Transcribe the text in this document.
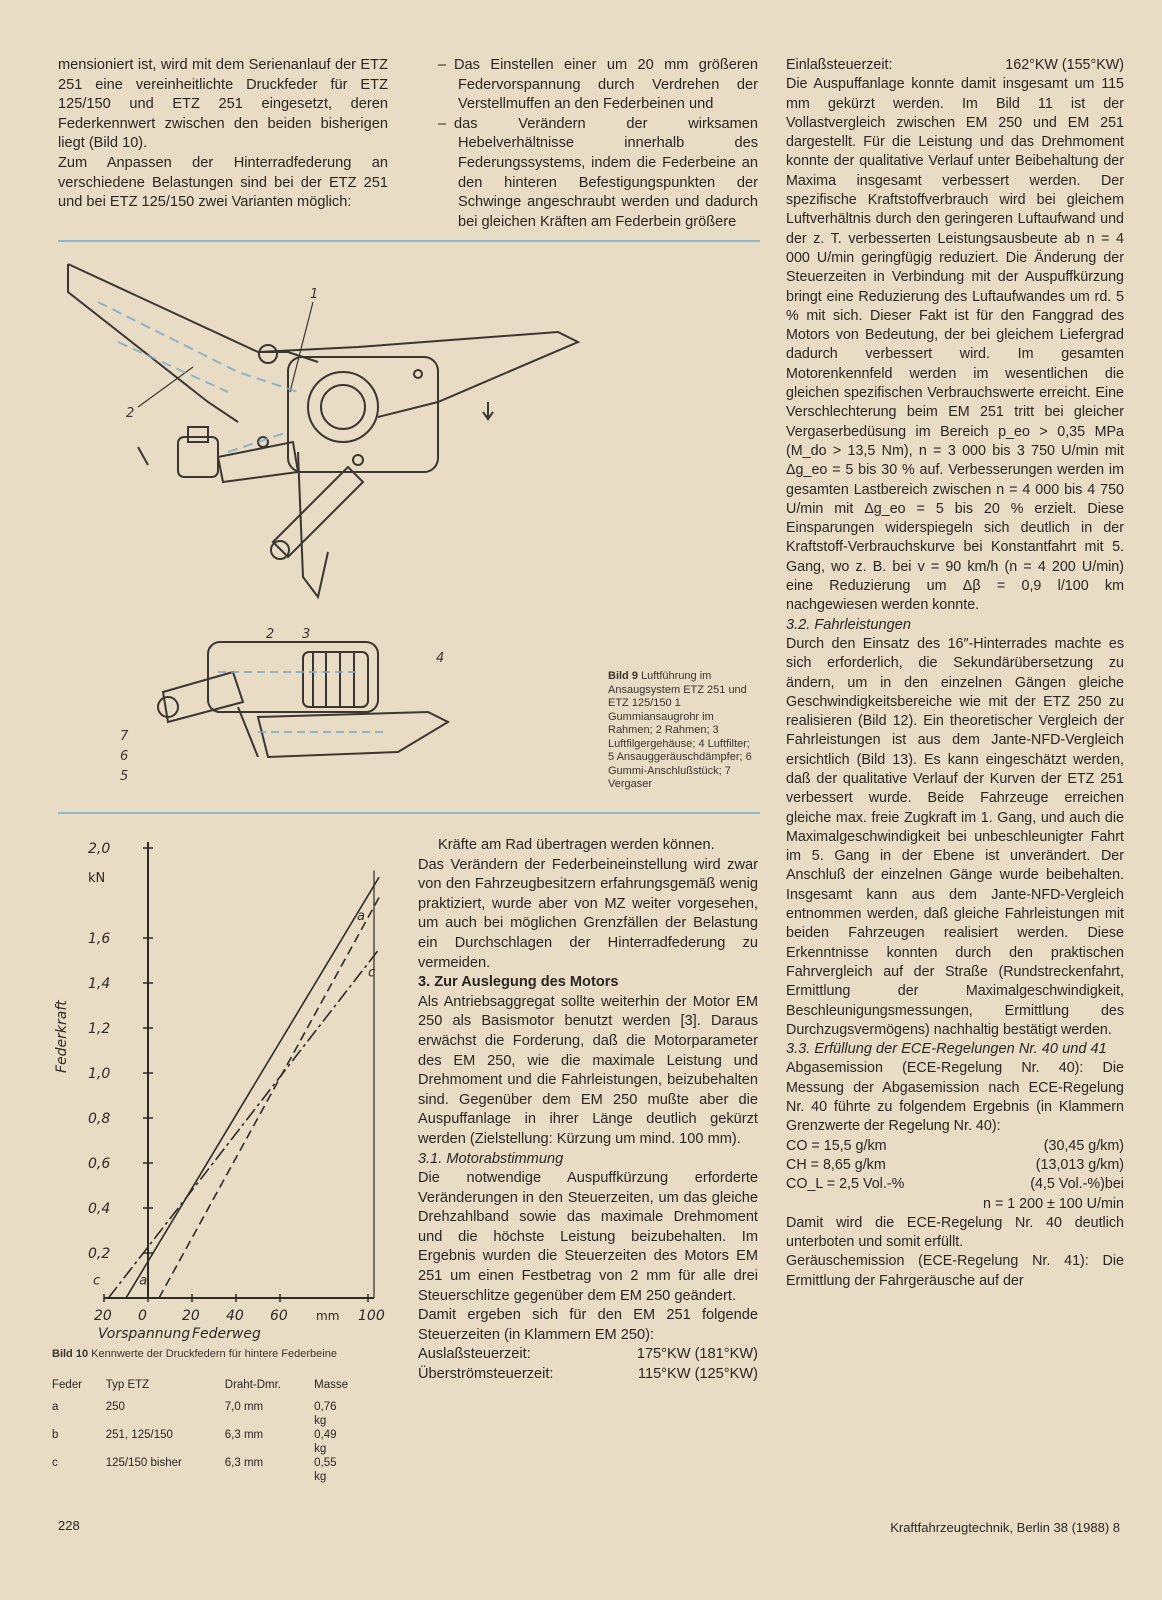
mensioniert ist, wird mit dem Serienanlauf der ETZ 251 eine vereinheitlichte Druckfeder für ETZ 125/150 und ETZ 251 eingesetzt, deren Federkennwert zwischen den beiden bisherigen liegt (Bild 10).

Zum Anpassen der Hinterradfederung an verschiedene Belastungen sind bei der ETZ 251 und bei ETZ 125/150 zwei Varianten möglich:

– Das Einstellen einer um 20 mm größeren Federvorspannung durch Verdrehen der Verstellmuffen an den Federbeinen und

– das Verändern der wirksamen Hebelverhältnisse innerhalb des Federungssystems, indem die Federbeine an den hinteren Befestigungspunkten der Schwinge angeschraubt werden und dadurch bei gleichen Kräften am Federbein größere

1
2
2 3
4
5
6
7
Bild 9 Luftführung im Ansaugsystem ETZ 251 und ETZ 125/150 1 Gummiansaugrohr im Rahmen; 2 Rahmen; 3 Luftfilgergehäuse; 4 Luftfilter; 5 Ansauggeräuschdämpfer; 6 Gummi-Anschlußstück; 7 Vergaser
0,2
0,4
0,6
0,8
1,0
1,2
1,4
1,6
2,0
kN
20 0	20 40 60	100
mm
Vorspannung Federweg
Federkraft
a
c
c	a
Bild 10 Kennwerte der Druckfedern für hintere Federbeine
Feder	Typ ETZ	Draht-Dmr.	Masse

a	250	7,0 mm	0,76 kg
b	251, 125/150	6,3 mm	0,49 kg
c	125/150 bisher	6,3 mm	0,55 kg

Kräfte am Rad übertragen werden können.

Das Verändern der Federbeineinstellung wird zwar von den Fahrzeugbesitzern erfahrungsgemäß wenig praktiziert, wurde aber von MZ weiter vorgesehen, um auch bei möglichen Grenzfällen der Belastung ein Durchschlagen der Hinterradfederung zu vermeiden.

3. Zur Auslegung des Motors

Als Antriebsaggregat sollte weiterhin der Motor EM 250 als Basismotor benutzt werden [3]. Daraus erwächst die Forderung, daß die Motorparameter des EM 250, wie die maximale Leistung und Drehmoment und die Fahrleistungen, beizubehalten sind. Gegenüber dem EM 250 mußte aber die Auspuffanlage in ihrer Länge deutlich gekürzt werden (Zielstellung: Kürzung um mind. 100 mm).

3.1. Motorabstimmung

Die notwendige Auspuffkürzung erforderte Veränderungen in den Steuerzeiten, um das gleiche Drehzahlband sowie das maximale Drehmoment und die höchste Leistung beizubehalten. Im Ergebnis wurden die Steuerzeiten des Motors EM 251 um einen Festbetrag von 2 mm für alle drei Steuerschlitze gegenüber dem EM 250 geändert.

Damit ergeben sich für den EM 251 folgende Steuerzeiten (in Klammern EM 250):

Auslaßsteuerzeit:	175°KW (181°KW)
Überströmsteuerzeit:	115°KW (125°KW)
Einlaßsteuerzeit:	162°KW (155°KW)

Die Auspuffanlage konnte damit insgesamt um 115 mm gekürzt werden. Im Bild 11 ist der Vollastvergleich zwischen EM 250 und EM 251 dargestellt. Für die Leistung und das Drehmoment konnte der qualitative Verlauf unter Beibehaltung der Maxima insgesamt verbessert werden. Der spezifische Kraftstoffverbrauch wird bei gleichem Luftverhältnis durch den geringeren Luftaufwand und der z. T. verbesserten Leistungsausbeute ab n = 4 000 U/min geringfügig reduziert. Die Änderung der Steuerzeiten in Verbindung mit der Auspuffkürzung bringt eine Reduzierung des Luftaufwandes um rd. 5 % mit sich. Dieser Fakt ist für den Fanggrad des Motors von Bedeutung, der bei gleichem Liefergrad dadurch verbessert wird. Im gesamten Motorenkennfeld werden im wesentlichen die gleichen spezifischen Verbrauchswerte erreicht. Eine Verschlechterung beim EM 251 tritt bei gleicher Vergaserbedüsung im Bereich p_eo > 0,35 MPa (M_do > 13,5 Nm), n = 3 000 bis 3 750 U/min mit Δg_eo = 5 bis 30 % auf. Verbesserungen werden im gesamten Lastbereich zwischen n = 4 000 bis 4 750 U/min mit Δg_eo = 5 bis 20 % erzielt. Diese Einsparungen widerspiegeln sich deutlich in der Kraftstoff-Verbrauchskurve bei Konstantfahrt mit 5. Gang, wo z. B. bei v = 90 km/h (n = 4 200 U/min) eine Reduzierung um Δβ = 0,9 l/100 km nachgewiesen werden konnte.

3.2. Fahrleistungen

Durch den Einsatz des 16″-Hinterrades machte es sich erforderlich, die Sekundärübersetzung zu ändern, um in den einzelnen Gängen gleiche Geschwindigkeitsbereiche wie mit der ETZ 250 zu realisieren (Bild 12). Ein theoretischer Vergleich der Fahrleistungen ist aus dem Jante-NFD-Vergleich ersichtlich (Bild 13). Es kann eingeschätzt werden, daß der qualitative Verlauf der Kurven der ETZ 251 verbessert wurde. Beide Fahrzeuge erreichen gleiche max. freie Zugkraft im 1. Gang, und auch die Maximalgeschwindigkeit bei unbeschleunigter Fahrt im 5. Gang in der Ebene ist unverändert. Der Anschluß der einzelnen Gänge wurde beibehalten. Insgesamt kann aus dem Jante-NFD-Vergleich entnommen werden, daß gleiche Fahrleistungen mit beiden Fahrzeugen realisiert werden. Diese Erkenntnisse konnten durch den praktischen Fahrvergleich auf der Straße (Rundstreckenfahrt, Ermittlung der Maximalgeschwindigkeit, Beschleunigungsmessungen, Ermittlung des Durchzugsvermögens) nachhaltig bestätigt werden.

3.3. Erfüllung der ECE-Regelungen Nr. 40 und 41

Abgasemission (ECE-Regelung Nr. 40): Die Messung der Abgasemission nach ECE-Regelung Nr. 40 führte zu folgendem Ergebnis (in Klammern Grenzwerte der Regelung Nr. 40):

CO = 15,5 g/km	(30,45 g/km)
CH = 8,65 g/km	(13,013 g/km)
CO_L = 2,5 Vol.-%	(4,5 Vol.-%)bei

n = 1 200 ± 100 U/min

Damit wird die ECE-Regelung Nr. 40 deutlich unterboten und somit erfüllt.

Geräuschemission (ECE-Regelung Nr. 41): Die Ermittlung der Fahrgeräusche auf der

228	Kraftfahrzeugtechnik, Berlin 38 (1988) 8
